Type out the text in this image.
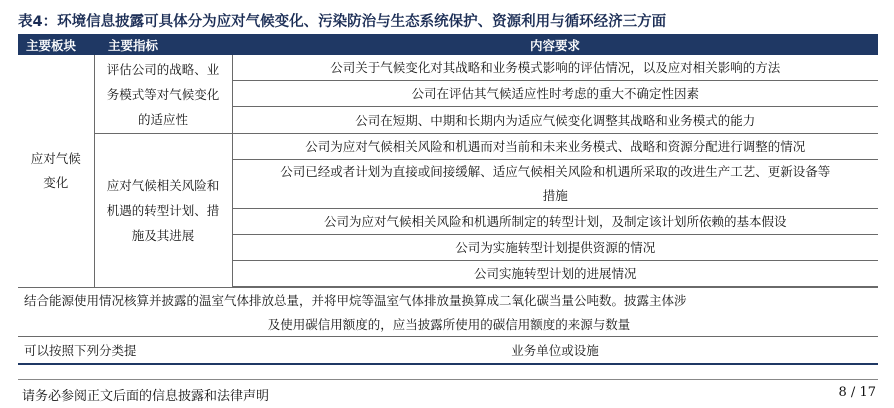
表4：环境信息披露可具体分为应对气候变化、污染防治与生态系统保护、资源利用与循环经济三方面
主要板块	主要指标	内容要求
应对气候变化	评估公司的战略、业
务模式等对气候变化
的适应性	公司关于气候变化对其战略和业务模式影响的评估情况，以及应对相关影响的方法
		公司在评估其气候适应性时考虑的重大不确定性因素
		公司在短期、中期和长期内为适应气候变化调整其战略和业务模式的能力

	应对气候相关风险和
机遇的转型计划、措
施及其进展	公司为应对气候相关风险和机遇而对当前和未来业务模式、战略和资源分配进行调整的情况

		公司已经或者计划为直接或间接缓解、适应气候相关风险和机遇所采取的改进生产工艺、更新设备等
措施

		公司为应对气候相关风险和机遇所制定的转型计划，及制定该计划所依赖的基本假设
		公司为实施转型计划提供资源的情况
		公司实施转型计划的进展情况

结合能源使用情况核算并披露的温室气体排放总量，并将甲烷等温室气体排放量换算成二氧化碳当量公吨数。披露主体涉
及使用碳信用额度的，应当披露所使用的碳信用额度的来源与数量		

可以按照下列分类提		业务单位或设施
请务必参阅正文后面的信息披露和法律声明	8 / 17
